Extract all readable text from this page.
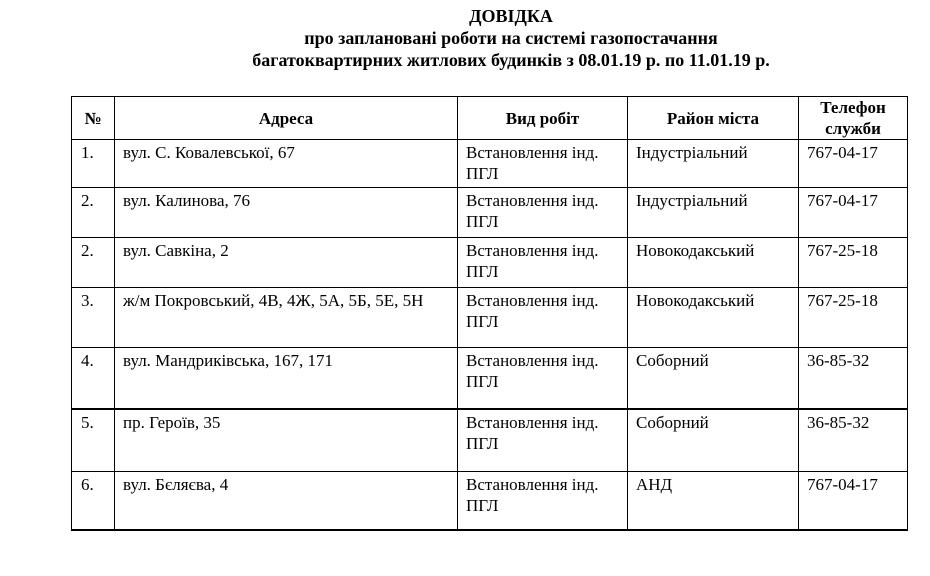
ДОВІДКА
про заплановані роботи на системі газопостачання
багатоквартирних житлових будинків з 08.01.19 р. по 11.01.19 р.
№	Адреса	Вид робіт	Район міста	Телефон служби
1.	вул. С. Ковалевської, 67	Встановлення інд. ПГЛ	Індустріальний	767-04-17
2.	вул. Калинова, 76	Встановлення інд. ПГЛ	Індустріальний	767-04-17
2.	вул. Савкіна, 2	Встановлення інд. ПГЛ	Новокодакський	767-25-18
3.	ж/м Покровський, 4В, 4Ж, 5А, 5Б, 5Е, 5Н	Встановлення інд. ПГЛ	Новокодакський	767-25-18
4.	вул. Мандриківська, 167, 171	Встановлення інд. ПГЛ	Соборний	36-85-32
5.	пр. Героїв, 35	Встановлення інд. ПГЛ	Соборний	36-85-32
6.	вул. Бєляєва, 4	Встановлення інд. ПГЛ	АНД	767-04-17
